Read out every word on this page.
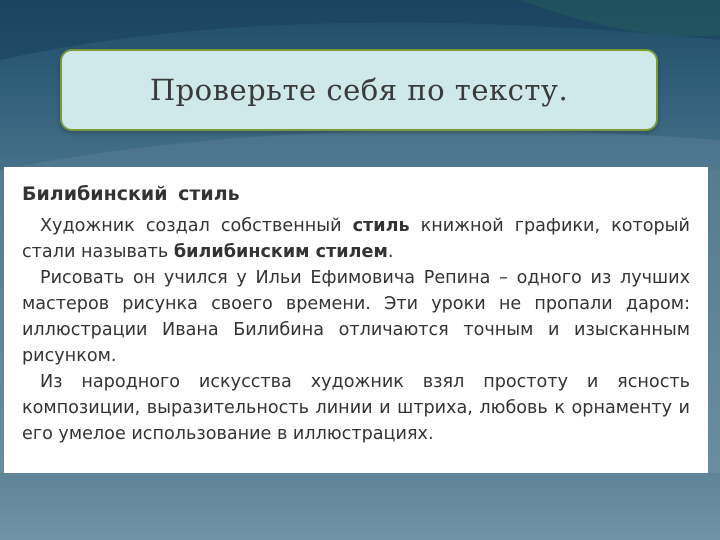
Проверьте себя по тексту.
Билибинский стиль

Художник создал собственный стиль книжной графики, который стали называть билибинским стилем.

Рисовать он учился у Ильи Ефимовича Репина – одного из лучших мастеров рисунка своего времени. Эти уроки не пропали даром: иллюстрации Ивана Билибина отличаются точным и изысканным рисунком.

Из народного искусства художник взял простоту и ясность композиции, выразительность линии и штриха, любовь к орнаменту и его умелое использование в иллюстрациях.
